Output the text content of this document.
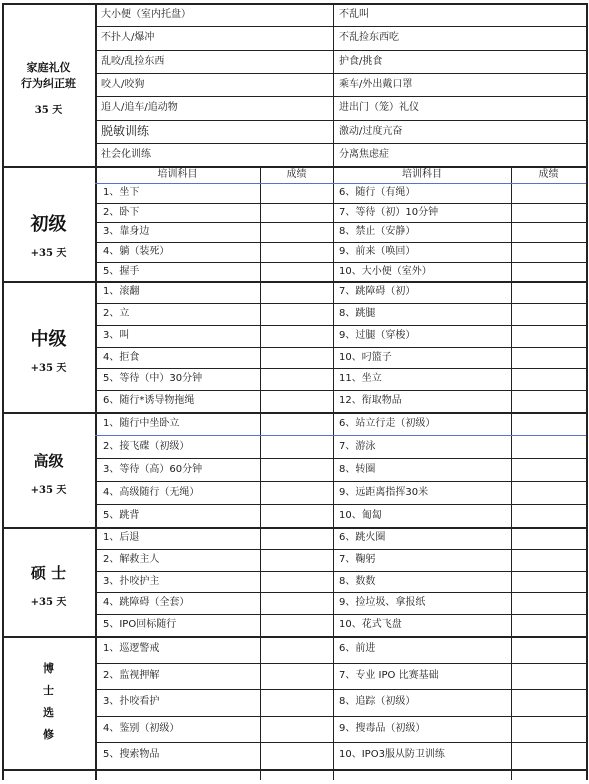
大小便（室内托盘）	不乱叫
不扑人/爆冲	不乱捡东西吃
乱咬/乱捡东西	护食/挑食
咬人/咬狗	乘车/外出戴口罩
追人/追车/追动物	进出门（笼）礼仪
脱敏训练	激动/过度亢奋
社会化训练	分离焦虑症
家庭礼仪
行为纠正班
35 天
培训科目	成绩	培训科目	成绩
1、坐下	6、随行（有绳）
2、卧下	7、等待（初）10分钟
3、靠身边	8、禁止（安静）
4、躺（装死）	9、前来（唤回）
5、握手	10、大小便（室外）
初级
+35 天
1、滚翻	7、跳障碍（初）
2、立	8、跳腿
3、叫	9、过腿（穿梭）
4、拒食	10、叼篮子
5、等待（中）30分钟	11、坐立
6、随行*诱导物拖绳	12、衔取物品
中级
+35 天
1、随行中坐卧立	6、站立行走（初级）
2、接飞碟（初级）	7、游泳
3、等待（高）60分钟	8、转圈
4、高级随行（无绳）	9、远距离指挥30米
5、跳背	10、匍匐
高级
+35 天
1、后退	6、跳火圈
2、解救主人	7、鞠躬
3、扑咬护主	8、数数
4、跳障碍（全套）	9、捡垃圾、拿报纸
5、IPO回标随行	10、花式飞盘
硕 士
+35 天
1、巡逻警戒	6、前进
2、监视押解	7、专业 IPO 比赛基础
3、扑咬看护	8、追踪（初级）
4、鉴别（初级）	9、搜毒品（初级）
5、搜索物品	10、IPO3服从防卫训练
博士选修
